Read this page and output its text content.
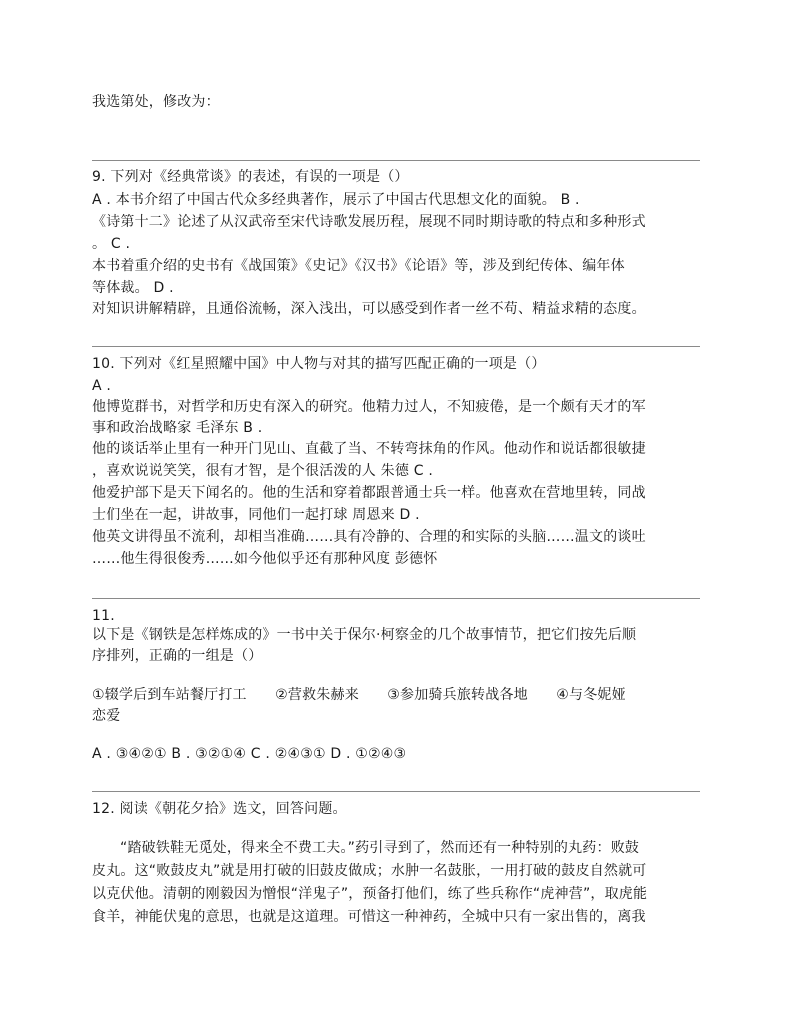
我选第处，修改为：
9. 下列对《经典常谈》的表述，有误的一项是（）
A . 本书介绍了中国古代众多经典著作，展示了中国古代思想文化的面貌。 B .
《诗第十二》论述了从汉武帝至宋代诗歌发展历程，展现不同时期诗歌的特点和多种形式
。 C .
本书着重介绍的史书有《战国策》《史记》《汉书》《论语》等，涉及到纪传体、编年体
等体裁。 D .
对知识讲解精辟，且通俗流畅，深入浅出，可以感受到作者一丝不苟、精益求精的态度。
10. 下列对《红星照耀中国》中人物与对其的描写匹配正确的一项是（）
A .
他博览群书，对哲学和历史有深入的研究。他精力过人，不知疲倦，是一个颇有天才的军
事和政治战略家 毛泽东 B .
他的谈话举止里有一种开门见山、直截了当、不转弯抹角的作风。他动作和说话都很敏捷
，喜欢说说笑笑，很有才智，是个很活泼的人 朱德 C .
他爱护部下是天下闻名的。他的生活和穿着都跟普通士兵一样。他喜欢在营地里转，同战
士们坐在一起，讲故事，同他们一起打球 周恩来 D .
他英文讲得虽不流利，却相当准确……具有冷静的、合理的和实际的头脑……温文的谈吐
……他生得很俊秀……如今他似乎还有那种风度 彭德怀
11.
以下是《钢铁是怎样炼成的》一书中关于保尔·柯察金的几个故事情节，把它们按先后顺
序排列，正确的一组是（）
①辍学后到车站餐厅打工　　②营救朱赫来　　③参加骑兵旅转战各地　　④与冬妮娅
恋爱
A . ③④②① B . ③②①④ C . ②④③① D . ①②④③
12. 阅读《朝花夕拾》选文，回答问题。
“踏破铁鞋无觅处，得来全不费工夫。”药引寻到了，然而还有一种特别的丸药：败鼓
皮丸。这“败鼓皮丸”就是用打破的旧鼓皮做成；水肿一名鼓胀，一用打破的鼓皮自然就可
以克伏他。清朝的刚毅因为憎恨“洋鬼子”，预备打他们，练了些兵称作“虎神营”，取虎能
食羊，神能伏鬼的意思，也就是这道理。可惜这一种神药，全城中只有一家出售的，离我
